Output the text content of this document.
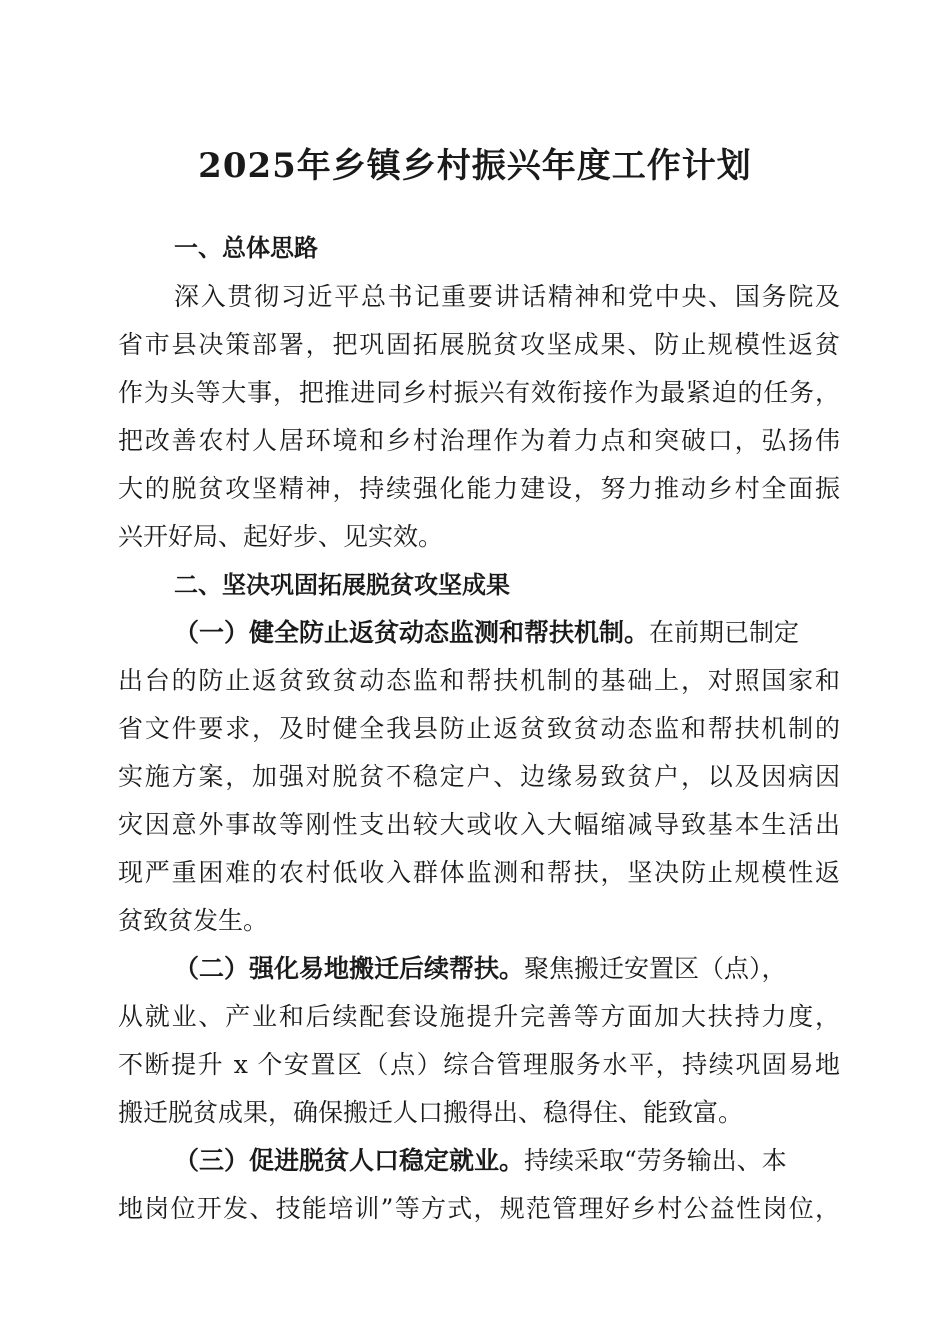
2025年乡镇乡村振兴年度工作计划
一、总体思路
深入贯彻习近平总书记重要讲话精神和党中央、国务院及
省市县决策部署，把巩固拓展脱贫攻坚成果、防止规模性返贫
作为头等大事，把推进同乡村振兴有效衔接作为最紧迫的任务，
把改善农村人居环境和乡村治理作为着力点和突破口，弘扬伟
大的脱贫攻坚精神，持续强化能力建设，努力推动乡村全面振
兴开好局、起好步、见实效。
二、坚决巩固拓展脱贫攻坚成果
（一）健全防止返贫动态监测和帮扶机制。在前期已制定
出台的防止返贫致贫动态监和帮扶机制的基础上，对照国家和
省文件要求，及时健全我县防止返贫致贫动态监和帮扶机制的
实施方案，加强对脱贫不稳定户、边缘易致贫户，以及因病因
灾因意外事故等刚性支出较大或收入大幅缩减导致基本生活出
现严重困难的农村低收入群体监测和帮扶，坚决防止规模性返
贫致贫发生。
（二）强化易地搬迁后续帮扶。聚焦搬迁安置区（点），
从就业、产业和后续配套设施提升完善等方面加大扶持力度，
不断提升 x 个安置区（点）综合管理服务水平，持续巩固易地
搬迁脱贫成果，确保搬迁人口搬得出、稳得住、能致富。
（三）促进脱贫人口稳定就业。持续采取“劳务输出、本
地岗位开发、技能培训”等方式，规范管理好乡村公益性岗位，
